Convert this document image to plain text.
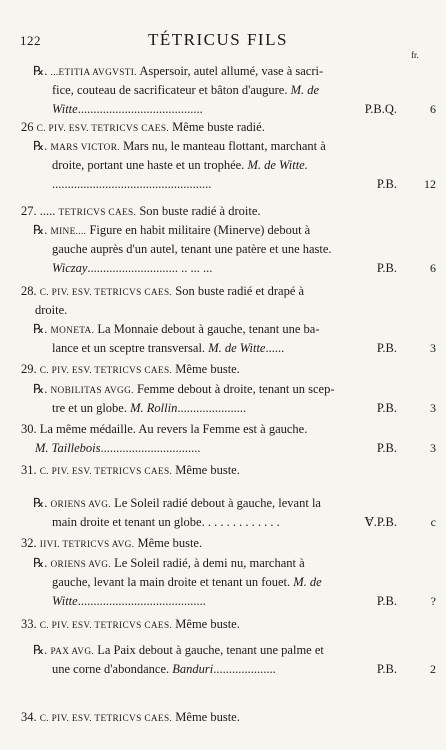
122	TÉTRICUS FILS
fr.
℞. ...ETITIA AVGVSTI. Aspersoir, autel allumé, vase à sacri-
fice, couteau de sacrificateur et bâton d'augure. M. de
Witte........................................	P.B.Q.	6
26 C. PIV. ESV. TETRICVS CAES. Même buste radié.
℞. MARS VICTOR. Mars nu, le manteau flottant, marchant à
droite, portant une haste et un trophée. M. de Witte.
...................................................	P.B. 12
27. ..... TETRICVS CAES. Son buste radié à droite.
℞. MINE.... Figure en habit militaire (Minerve) debout à
gauche auprès d'un autel, tenant une patère et une haste.
Wiczay............................. .. ... ...	P.B.	6
28. C. PIV. ESV. TETRICVS CAES. Son buste radié et drapé à
droite.
℞. MONETA. La Monnaie debout à gauche, tenant une ba-
lance et un sceptre transversal. M. de Witte......	P.B.	3
29. C. PIV. ESV. TETRICVS CAES. Même buste.
℞. NOBILITAS AVGG. Femme debout à droite, tenant un scep-
tre et un globe. M. Rollin......................	P.B.	3
30. La même médaille. Au revers la Femme est à gauche.
M. Taillebois................................	P.B.	3
31. C. PIV. ESV. TETRICVS CAES. Même buste.
℞. ORIENS AVG. Le Soleil radié debout à gauche, levant la
main droite et tenant un globe. . . . . . . . . . . . .	Ɐ.P.B.	c
32. IIVI. TETRICVS AVG. Même buste.
℞. ORIENS AVG. Le Soleil radié, à demi nu, marchant à
gauche, levant la main droite et tenant un fouet. M. de
Witte.........................................	P.B.	?
33. C. PIV. ESV. TETRICVS CAES. Même buste.
℞. PAX AVG. La Paix debout à gauche, tenant une palme et
une corne d'abondance. Banduri....................	P.B.	2
34. C. PIV. ESV. TETRICVS CAES. Même buste.
